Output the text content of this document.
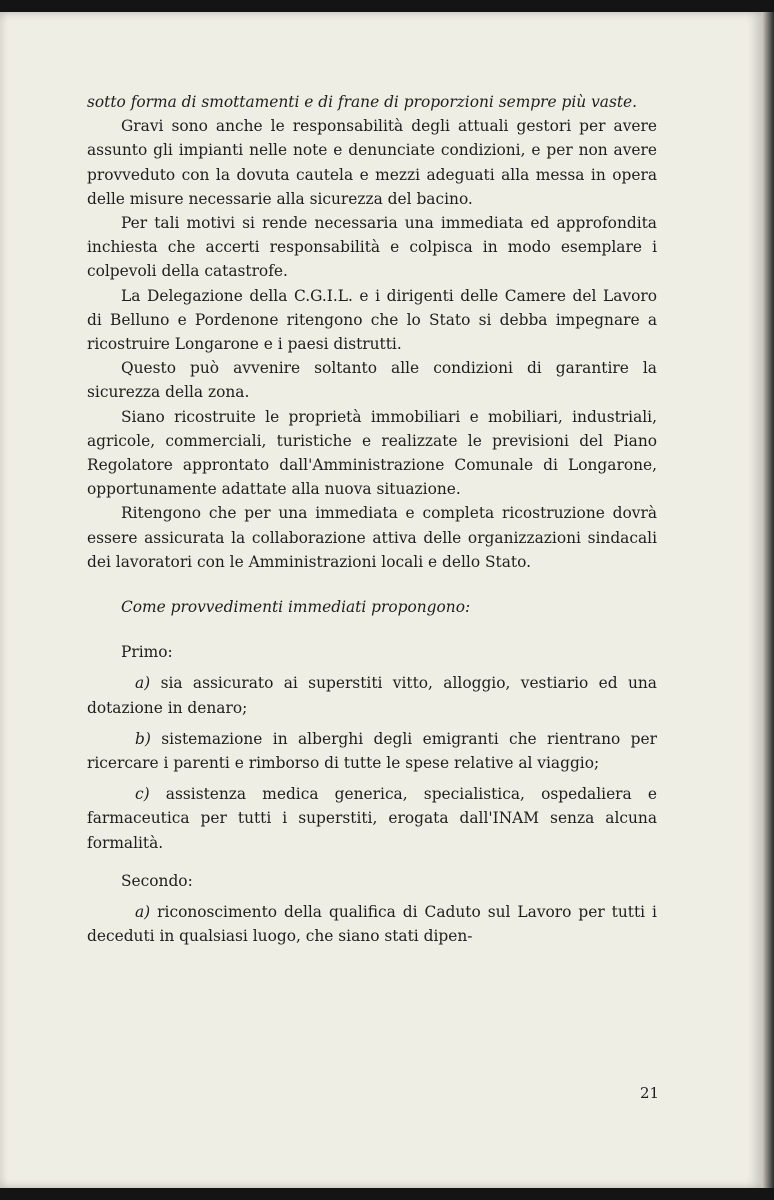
sotto forma di smottamenti e di frane di proporzioni sempre più vaste.

Gravi sono anche le responsabilità degli attuali gestori per avere assunto gli impianti nelle note e denunciate condizioni, e per non avere provveduto con la dovuta cautela e mezzi adeguati alla messa in opera delle misure necessarie alla sicurezza del bacino.

Per tali motivi si rende necessaria una immediata ed approfondita inchiesta che accerti responsabilità e colpisca in modo esemplare i colpevoli della catastrofe.

La Delegazione della C.G.I.L. e i dirigenti delle Camere del Lavoro di Belluno e Pordenone ritengono che lo Stato si debba impegnare a ricostruire Longarone e i paesi distrutti.

Questo può avvenire soltanto alle condizioni di garantire la sicurezza della zona.

Siano ricostruite le proprietà immobiliari e mobiliari, industriali, agricole, commerciali, turistiche e realizzate le previsioni del Piano Regolatore approntato dall'Amministrazione Comunale di Longarone, opportunamente adattate alla nuova situazione.

Ritengono che per una immediata e completa ricostruzione dovrà essere assicurata la collaborazione attiva delle organizzazioni sindacali dei lavoratori con le Amministrazioni locali e dello Stato.

Come provvedimenti immediati propongono:

Primo:

a) sia assicurato ai superstiti vitto, alloggio, vestiario ed una dotazione in denaro;

b) sistemazione in alberghi degli emigranti che rientrano per ricercare i parenti e rimborso di tutte le spese relative al viaggio;

c) assistenza medica generica, specialistica, ospedaliera e farmaceutica per tutti i superstiti, erogata dall'INAM senza alcuna formalità.

Secondo:

a) riconoscimento della qualifica di Caduto sul Lavoro per tutti i deceduti in qualsiasi luogo, che siano stati dipen-

21
